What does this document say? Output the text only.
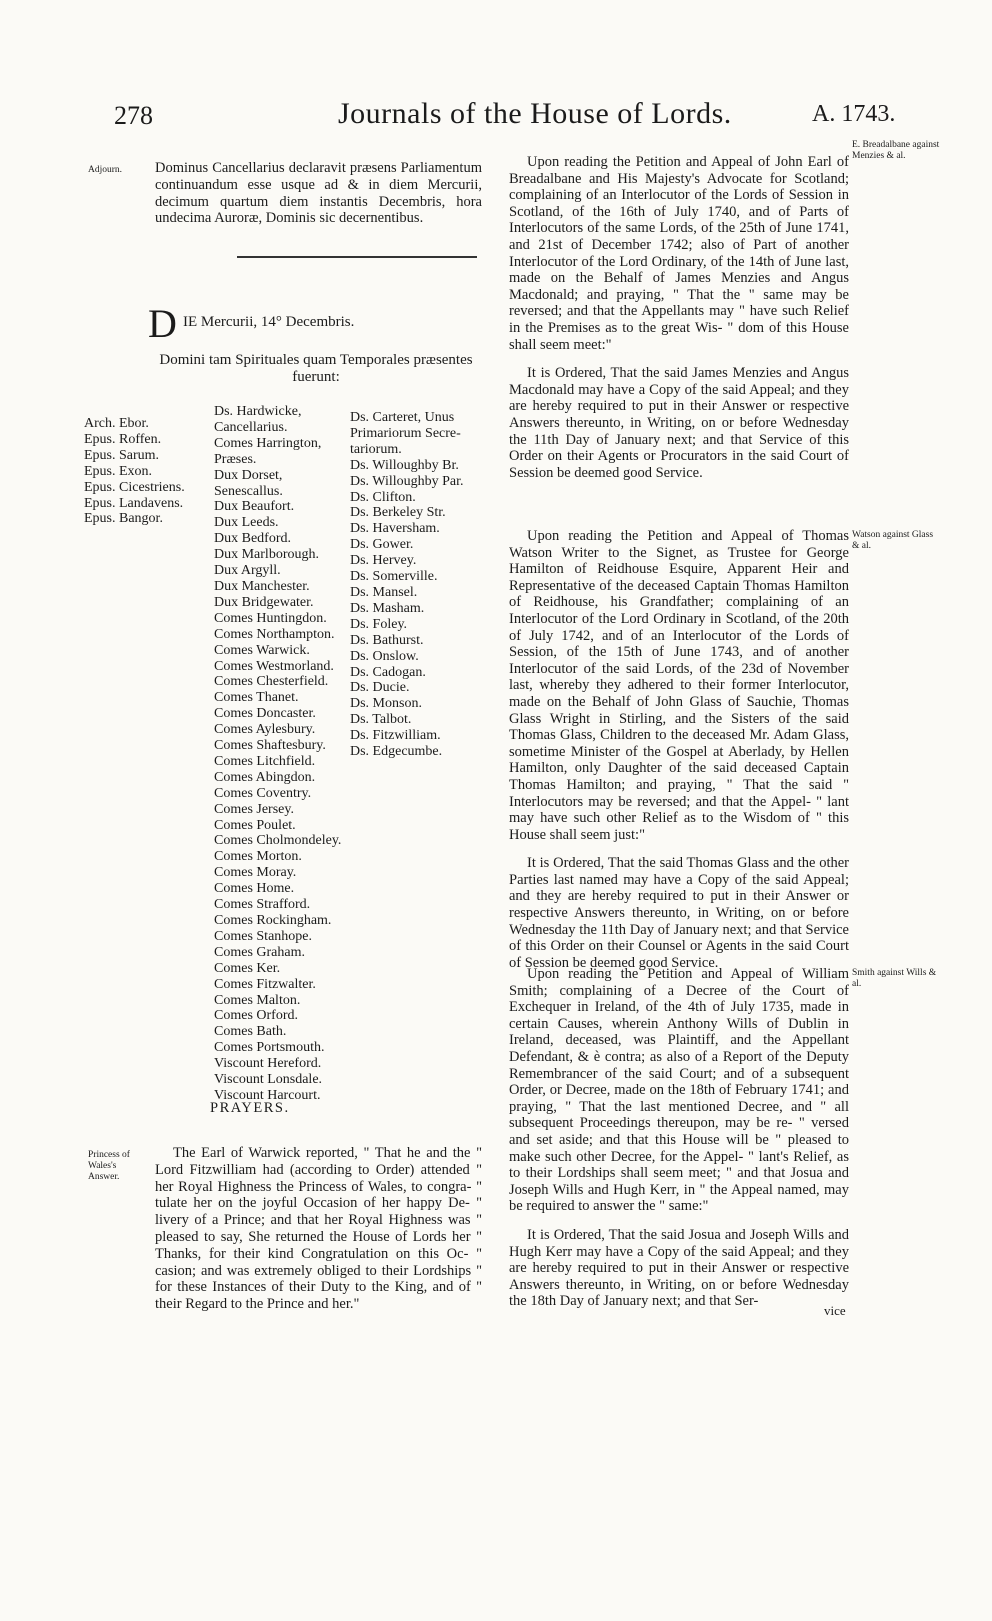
278	Journals of the House of Lords.	A. 1743.
Adjourn.	Dominus Cancellarius declaravit præsens Parliamentum continuandum esse usque ad & in diem Mercurii, decimum quartum diem instantis Decembris, hora undecima Auroræ, Dominis sic decernentibus.
D IE Mercurii, 14° Decembris.
Domini tam Spirituales quam Temporales præsentes fuerunt:
Arch. Ebor.
Epus. Roffen.
Epus. Sarum.
Epus. Exon.
Epus. Cicestriens.
Epus. Landavens.
Epus. Bangor.
Ds. Hardwicke,
Cancellarius.
Comes Harrington,
Præses.
Dux Dorset,
Senescallus.
Dux Beaufort.
Dux Leeds.
Dux Bedford.
Dux Marlborough.
Dux Argyll.
Dux Manchester.
Dux Bridgewater.
Comes Huntingdon.
Comes Northampton.
Comes Warwick.
Comes Westmorland.
Comes Chesterfield.
Comes Thanet.
Comes Doncaster.
Comes Aylesbury.
Comes Shaftesbury.
Comes Litchfield.
Comes Abingdon.
Comes Coventry.
Comes Jersey.
Comes Poulet.
Comes Cholmondeley.
Comes Morton.
Comes Moray.
Comes Home.
Comes Strafford.
Comes Rockingham.
Comes Stanhope.
Comes Graham.
Comes Ker.
Comes Fitzwalter.
Comes Malton.
Comes Orford.
Comes Bath.
Comes Portsmouth.
Viscount Hereford.
Viscount Lonsdale.
Viscount Harcourt.
Ds. Carteret, Unus
Primariorum Secre-
tariorum.
Ds. Willoughby Br.
Ds. Willoughby Par.
Ds. Clifton.
Ds. Berkeley Str.
Ds. Haversham.
Ds. Gower.
Ds. Hervey.
Ds. Somerville.
Ds. Mansel.
Ds. Masham.
Ds. Foley.
Ds. Bathurst.
Ds. Onslow.
Ds. Cadogan.
Ds. Ducie.
Ds. Monson.
Ds. Talbot.
Ds. Fitzwilliam.
Ds. Edgecumbe.
PRAYERS.
Princess of Wales's Answer.

The Earl of Warwick reported, " That he and the " Lord Fitzwilliam had (according to Order) attended " her Royal Highness the Princess of Wales, to congra- " tulate her on the joyful Occasion of her happy De- " livery of a Prince; and that her Royal Highness was " pleased to say, She returned the House of Lords her " Thanks, for their kind Congratulation on this Oc- " casion; and was extremely obliged to their Lordships " for these Instances of their Duty to the King, and of " their Regard to the Prince and her."

E. Breadalbane against Menzies & al.
Watson against Glass & al.
Smith against Wills & al.

Upon reading the Petition and Appeal of John Earl of Breadalbane and His Majesty's Advocate for Scotland; complaining of an Interlocutor of the Lords of Session in Scotland, of the 16th of July 1740, and of Parts of Interlocutors of the same Lords, of the 25th of June 1741, and 21st of December 1742; also of Part of another Interlocutor of the Lord Ordinary, of the 14th of June last, made on the Behalf of James Menzies and Angus Macdonald; and praying, " That the " same may be reversed; and that the Appellants may " have such Relief in the Premises as to the great Wis- " dom of this House shall seem meet:"

It is Ordered, That the said James Menzies and Angus Macdonald may have a Copy of the said Appeal; and they are hereby required to put in their Answer or respective Answers thereunto, in Writing, on or before Wednesday the 11th Day of January next; and that Service of this Order on their Agents or Procurators in the said Court of Session be deemed good Service.

Upon reading the Petition and Appeal of Thomas Watson Writer to the Signet, as Trustee for George Hamilton of Reidhouse Esquire, Apparent Heir and Representative of the deceased Captain Thomas Hamilton of Reidhouse, his Grandfather; complaining of an Interlocutor of the Lord Ordinary in Scotland, of the 20th of July 1742, and of an Interlocutor of the Lords of Session, of the 15th of June 1743, and of another Interlocutor of the said Lords, of the 23d of November last, whereby they adhered to their former Interlocutor, made on the Behalf of John Glass of Sauchie, Thomas Glass Wright in Stirling, and the Sisters of the said Thomas Glass, Children to the deceased Mr. Adam Glass, sometime Minister of the Gospel at Aberlady, by Hellen Hamilton, only Daughter of the said deceased Captain Thomas Hamilton; and praying, " That the said " Interlocutors may be reversed; and that the Appel- " lant may have such other Relief as to the Wisdom of " this House shall seem just:"

It is Ordered, That the said Thomas Glass and the other Parties last named may have a Copy of the said Appeal; and they are hereby required to put in their Answer or respective Answers thereunto, in Writing, on or before Wednesday the 11th Day of January next; and that Service of this Order on their Counsel or Agents in the said Court of Session be deemed good Service.

Upon reading the Petition and Appeal of William Smith; complaining of a Decree of the Court of Exchequer in Ireland, of the 4th of July 1735, made in certain Causes, wherein Anthony Wills of Dublin in Ireland, deceased, was Plaintiff, and the Appellant Defendant, & è contra; as also of a Report of the Deputy Remembrancer of the said Court; and of a subsequent Order, or Decree, made on the 18th of February 1741; and praying, " That the last mentioned Decree, and " all subsequent Proceedings thereupon, may be re- " versed and set aside; and that this House will be " pleased to make such other Decree, for the Appel- " lant's Relief, as to their Lordships shall seem meet; " and that Josua and Joseph Wills and Hugh Kerr, in " the Appeal named, may be required to answer the " same:"

It is Ordered, That the said Josua and Joseph Wills and Hugh Kerr may have a Copy of the said Appeal; and they are hereby required to put in their Answer or respective Answers thereunto, in Writing, on or before Wednesday the 18th Day of January next; and that Ser-

vice
